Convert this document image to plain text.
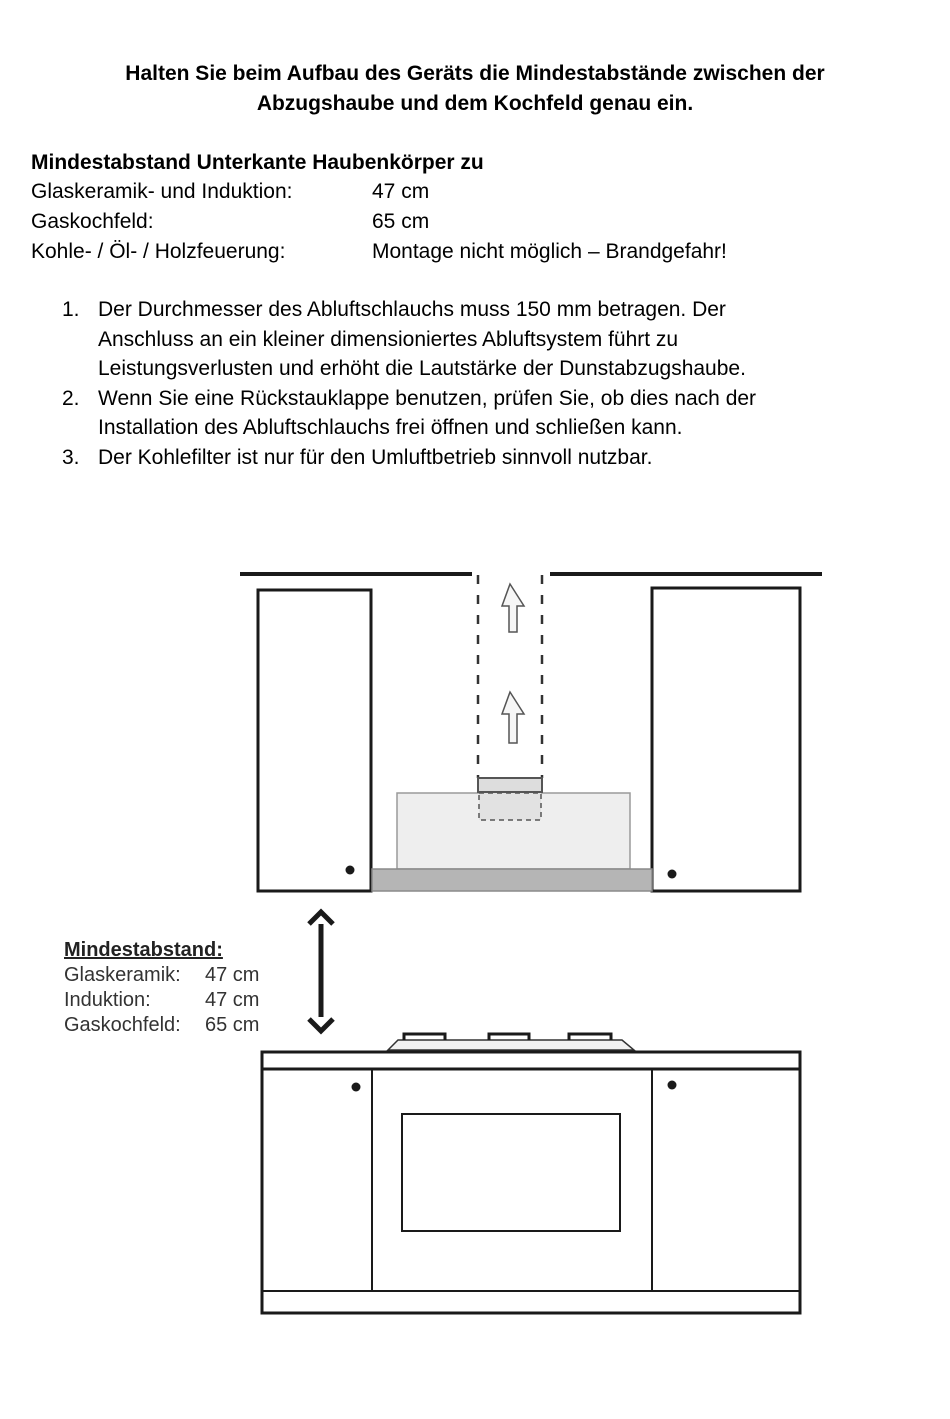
Halten Sie beim Aufbau des Geräts die Mindestabstände zwischen der
Abzugshaube und dem Kochfeld genau ein.
Mindestabstand Unterkante Haubenkörper zu
Glaskeramik- und Induktion:	47 cm
Gaskochfeld:	65 cm
Kohle- / Öl- / Holzfeuerung:	Montage nicht möglich – Brandgefahr!
1. Der Durchmesser des Abluftschlauchs muss 150 mm betragen. Der
Anschluss an ein kleiner dimensioniertes Abluftsystem führt zu
Leistungsverlusten und erhöht die Lautstärke der Dunstabzugshaube.
2. Wenn Sie eine Rückstauklappe benutzen, prüfen Sie, ob dies nach der
Installation des Abluftschlauchs frei öffnen und schließen kann.
3. Der Kohlefilter ist nur für den Umluftbetrieb sinnvoll nutzbar.
Mindestabstand:
Glaskeramik: 47 cm
Induktion:	47 cm
Gaskochfeld: 65 cm
